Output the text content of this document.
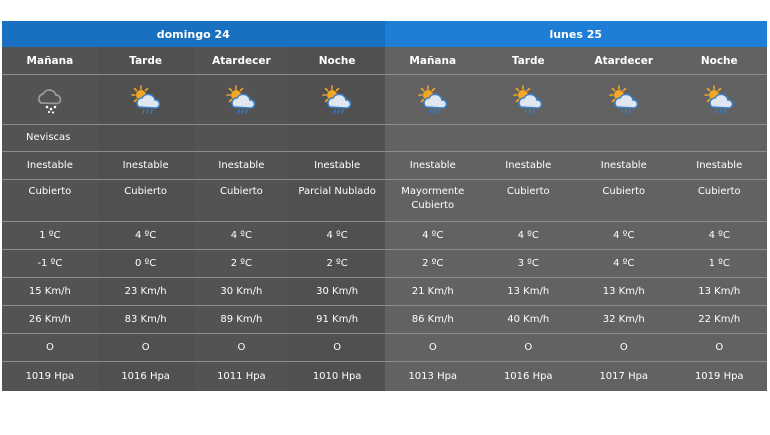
domingo 24	lunes 25
Mañana
Neviscas
Inestable
Cubierto
1 ºC
-1 ºC
15 Km/h
26 Km/h
O
1019 Hpa
Tarde
Inestable
Cubierto
4 ºC
0 ºC
23 Km/h
83 Km/h
O
1016 Hpa
Atardecer
Inestable
Cubierto
4 ºC
2 ºC
30 Km/h
89 Km/h
O
1011 Hpa
Noche
Inestable
Parcial Nublado
4 ºC
2 ºC
30 Km/h
91 Km/h
O
1010 Hpa
Mañana
Inestable
Mayormente Cubierto
4 ºC
2 ºC
21 Km/h
86 Km/h
O
1013 Hpa
Tarde
Inestable
Cubierto
4 ºC
3 ºC
13 Km/h
40 Km/h
O
1016 Hpa
Atardecer
Inestable
Cubierto
4 ºC
4 ºC
13 Km/h
32 Km/h
O
1017 Hpa
Noche
Inestable
Cubierto
4 ºC
1 ºC
13 Km/h
22 Km/h
O
1019 Hpa
